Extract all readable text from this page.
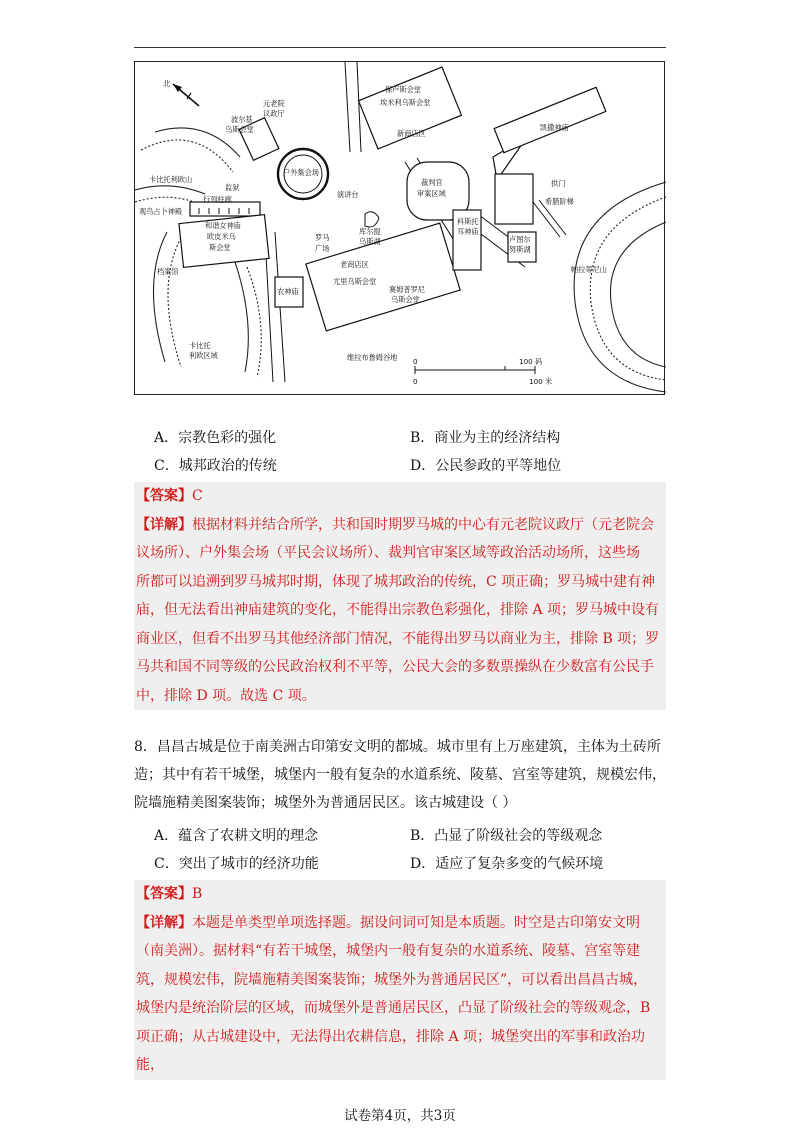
北
元老院
议政厅
波尔基
乌斯会堂
户外集会场
卡比托利欧山
监狱
观鸟占卜神殿
行列柱廊
和谐女神庙
欧皮米乌
斯会堂
档案馆
卡比托
利欧区域
罗马
广场
演讲台
农神庙
库尔提
乌斯湖
老商店区
尤里乌斯会堂
赛姆普罗尼
乌斯会堂
维拉布鲁姆谷地
裁判官
审案区域
新商店区
埃米利乌斯会堂
保卢斯会堂
科斯托
耳神庙
卢图尔
努斯湖
凯撒神庙
拱门
希腊阶梯
帕拉蒂尼山
0
0
100 码
100 米
A．宗教色彩的强化	B．商业为主的经济结构
C．城邦政治的传统	D．公民参政的平等地位

【答案】C

【详解】根据材料并结合所学，共和国时期罗马城的中心有元老院议政厅（元老院会

议场所）、户外集会场（平民会议场所）、裁判官审案区域等政治活动场所，这些场

所都可以追溯到罗马城邦时期，体现了城邦政治的传统，C 项正确；罗马城中建有神

庙，但无法看出神庙建筑的变化，不能得出宗教色彩强化，排除 A 项；罗马城中设有

商业区，但看不出罗马其他经济部门情况，不能得出罗马以商业为主，排除 B 项；罗

马共和国不同等级的公民政治权利不平等，公民大会的多数票操纵在少数富有公民手

中，排除 D 项。故选 C 项。

8．昌昌古城是位于南美洲古印第安文明的都城。城市里有上万座建筑，主体为土砖所
造；其中有若干城堡，城堡内一般有复杂的水道系统、陵墓、宫室等建筑，规模宏伟，
院墙施精美图案装饰；城堡外为普通居民区。该古城建设（ ）
A．蕴含了农耕文明的理念	B．凸显了阶级社会的等级观念
C．突出了城市的经济功能	D．适应了复杂多变的气候环境

【答案】B

【详解】本题是单类型单项选择题。据设问词可知是本质题。时空是古印第安文明

（南美洲）。据材料“有若干城堡，城堡内一般有复杂的水道系统、陵墓、宫室等建

筑，规模宏伟，院墙施精美图案装饰；城堡外为普通居民区”，可以看出昌昌古城，

城堡内是统治阶层的区域，而城堡外是普通居民区，凸显了阶级社会的等级观念，B

项正确；从古城建设中，无法得出农耕信息，排除 A 项；城堡突出的军事和政治功能，

试卷第4页，共3页
